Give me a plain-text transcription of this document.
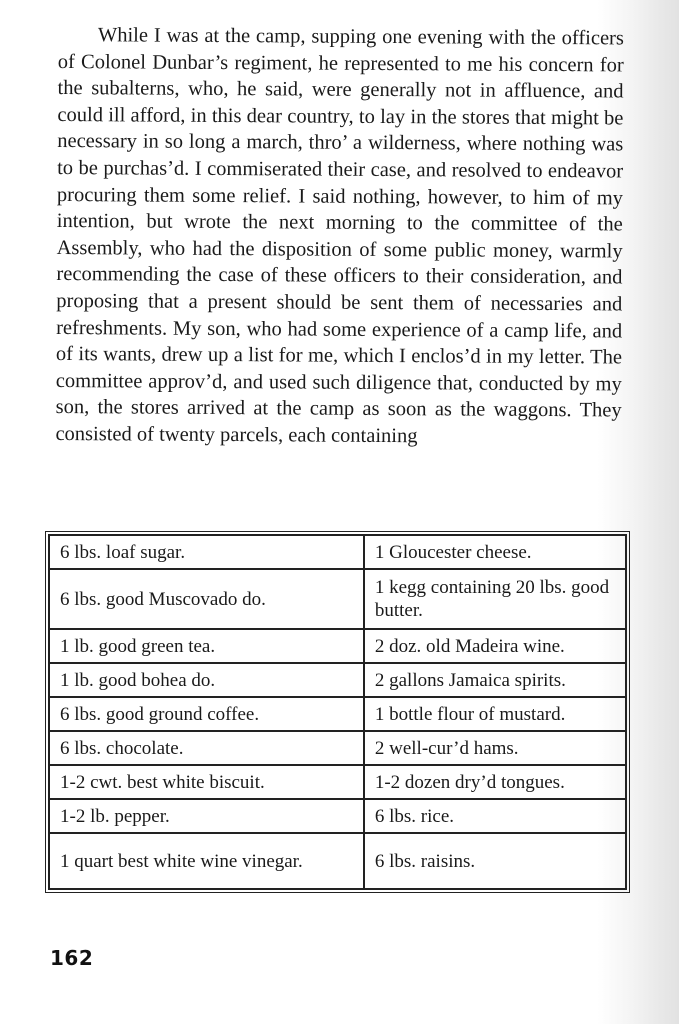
While I was at the camp, supping one evening with the officers of Colonel Dunbar’s regiment, he represented to me his concern for the subalterns, who, he said, were generally not in affluence, and could ill afford, in this dear country, to lay in the stores that might be necessary in so long a march, thro’ a wilderness, where nothing was to be purchas’d. I commiserated their case, and resolved to endeavor procuring them some relief. I said nothing, however, to him of my intention, but wrote the next morning to the committee of the Assembly, who had the disposition of some public money, warmly recommending the case of these officers to their consideration, and proposing that a present should be sent them of necessaries and refreshments. My son, who had some experience of a camp life, and of its wants, drew up a list for me, which I enclos’d in my letter. The committee approv’d, and used such diligence that, conducted by my son, the stores arrived at the camp as soon as the waggons. They consisted of twenty parcels, each containing

6 lbs. loaf sugar.	1 Gloucester cheese.
6 lbs. good Muscovado do.	1 kegg containing 20 lbs. good butter.
1 lb. good green tea.	2 doz. old Madeira wine.
1 lb. good bohea do.	2 gallons Jamaica spirits.
6 lbs. good ground coffee.	1 bottle flour of mustard.
6 lbs. chocolate.	2 well-cur’d hams.
1-2 cwt. best white biscuit.	1-2 dozen dry’d tongues.
1-2 lb. pepper.	6 lbs. rice.
1 quart best white wine vinegar.	6 lbs. raisins.

162
